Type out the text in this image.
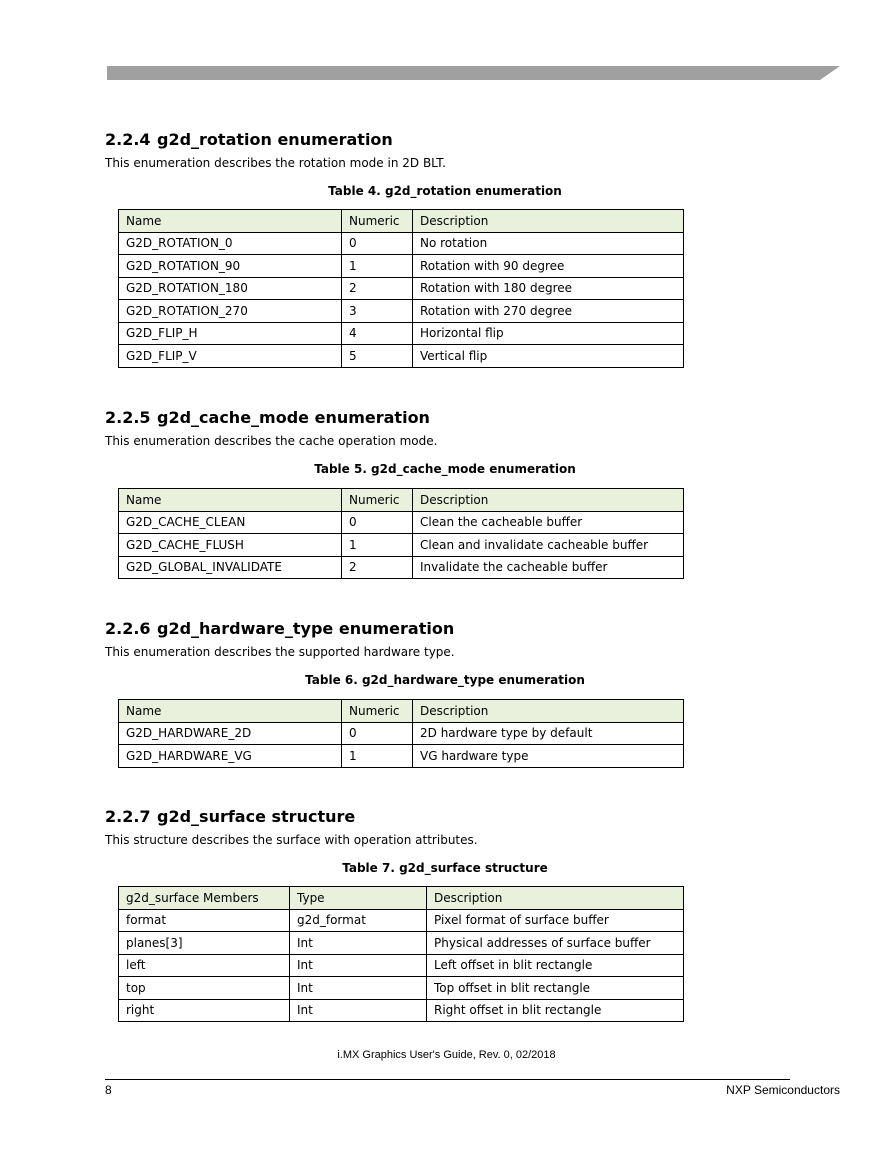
2.2.4 g2d_rotation enumeration

This enumeration describes the rotation mode in 2D BLT.

Table 4. g2d_rotation enumeration
Name	Numeric	Description
G2D_ROTATION_0	0	No rotation
G2D_ROTATION_90	1	Rotation with 90 degree
G2D_ROTATION_180	2	Rotation with 180 degree
G2D_ROTATION_270	3	Rotation with 270 degree
G2D_FLIP_H	4	Horizontal flip
G2D_FLIP_V	5	Vertical flip
2.2.5 g2d_cache_mode enumeration

This enumeration describes the cache operation mode.

Table 5. g2d_cache_mode enumeration
Name	Numeric	Description
G2D_CACHE_CLEAN	0	Clean the cacheable buffer
G2D_CACHE_FLUSH	1	Clean and invalidate cacheable buffer
G2D_GLOBAL_INVALIDATE	2	Invalidate the cacheable buffer
2.2.6 g2d_hardware_type enumeration

This enumeration describes the supported hardware type.

Table 6. g2d_hardware_type enumeration
Name	Numeric	Description
G2D_HARDWARE_2D	0	2D hardware type by default
G2D_HARDWARE_VG	1	VG hardware type
2.2.7 g2d_surface structure

This structure describes the surface with operation attributes.

Table 7. g2d_surface structure
g2d_surface Members	Type	Description
format	g2d_format	Pixel format of surface buffer
planes[3]	Int	Physical addresses of surface buffer
left	Int	Left offset in blit rectangle
top	Int	Top offset in blit rectangle
right	Int	Right offset in blit rectangle
i.MX Graphics User's Guide, Rev. 0, 02/2018
8	NXP Semiconductors
